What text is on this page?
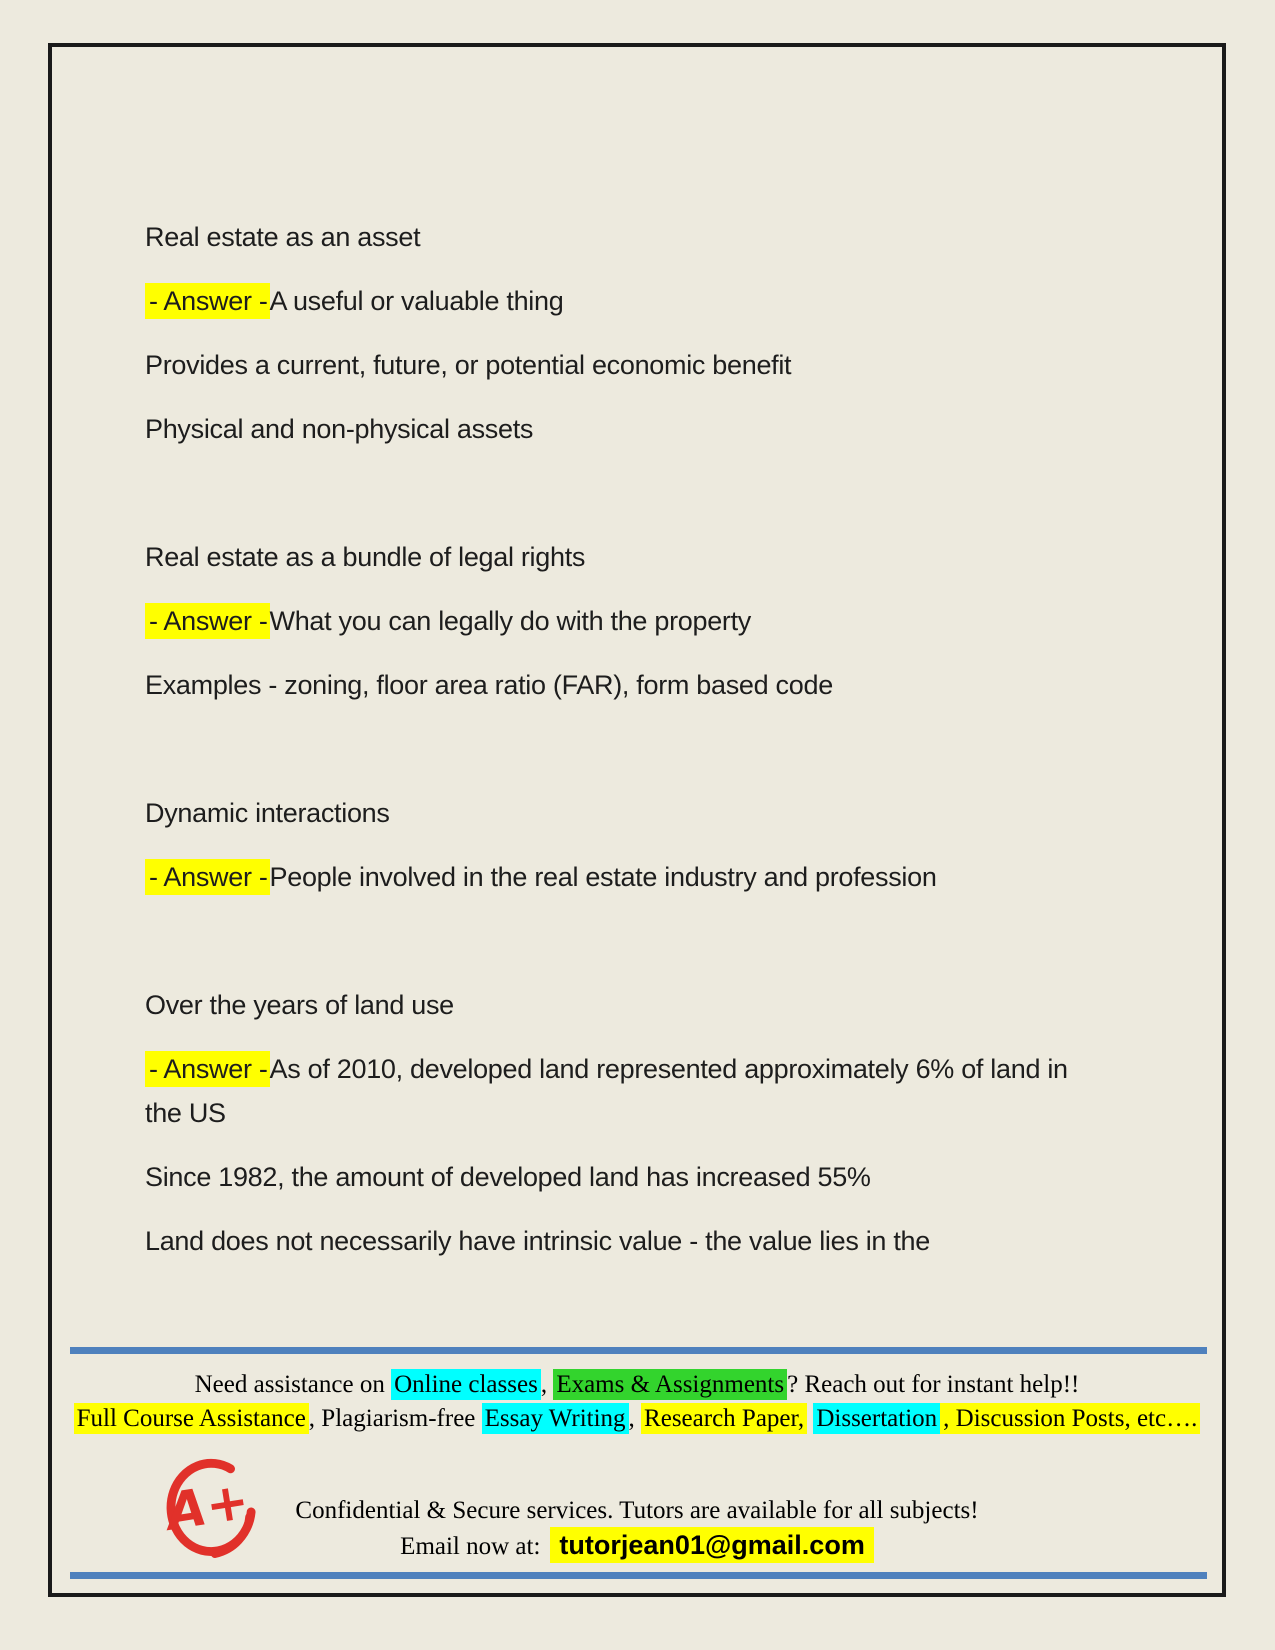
Real estate as an asset
- Answer -A useful or valuable thing
Provides a current, future, or potential economic benefit
Physical and non-physical assets
Real estate as a bundle of legal rights
- Answer -What you can legally do with the property
Examples - zoning, floor area ratio (FAR), form based code
Dynamic interactions
- Answer -People involved in the real estate industry and profession
Over the years of land use
- Answer -As of 2010, developed land represented approximately 6% of land in the US
Since 1982, the amount of developed land has increased 55%
Land does not necessarily have intrinsic value - the value lies in the
Need assistance on Online classes , Exams & Assignments ? Reach out for instant help!!
Full Course Assistance , Plagiarism-free Essay Writing , Research Paper, Dissertation , Discussion Posts, etc….
A+	Confidential & Secure services. Tutors are available for all subjects!
Email now at: tutorjean01@gmail.com
